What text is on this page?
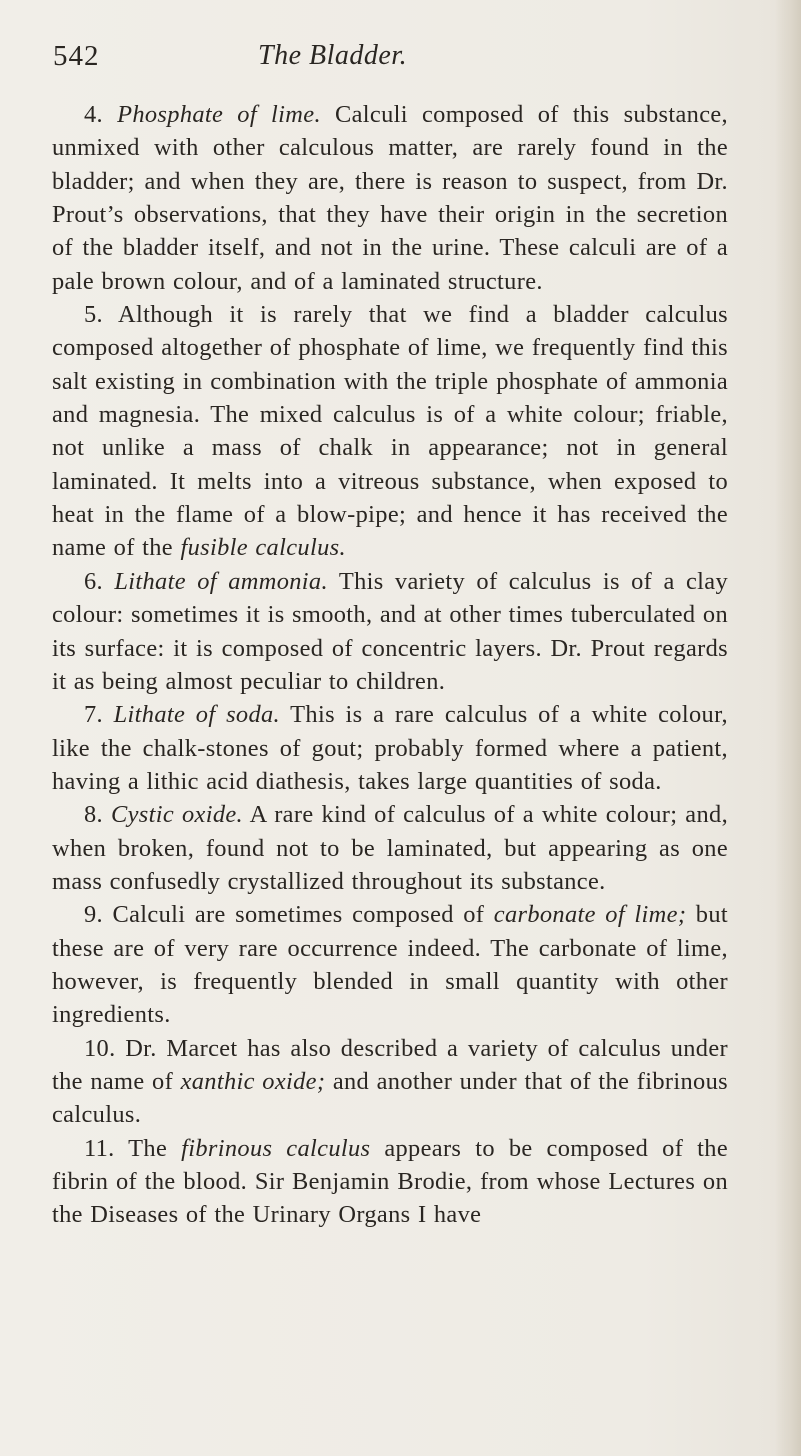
542	The Bladder.

4. Phosphate of lime. Calculi composed of this substance, unmixed with other calculous matter, are rarely found in the bladder; and when they are, there is reason to suspect, from Dr. Prout’s observations, that they have their origin in the secretion of the bladder itself, and not in the urine. These calculi are of a pale brown colour, and of a laminated structure.

5. Although it is rarely that we find a bladder calculus composed altogether of phosphate of lime, we frequently find this salt existing in combination with the triple phosphate of ammonia and magnesia. The mixed calculus is of a white colour; friable, not unlike a mass of chalk in appearance; not in general laminated. It melts into a vitreous substance, when exposed to heat in the flame of a blow-pipe; and hence it has received the name of the fusible calculus.

6. Lithate of ammonia. This variety of calculus is of a clay colour: sometimes it is smooth, and at other times tuberculated on its surface: it is composed of concentric layers. Dr. Prout regards it as being almost peculiar to children.

7. Lithate of soda. This is a rare calculus of a white colour, like the chalk-stones of gout; probably formed where a patient, having a lithic acid diathesis, takes large quantities of soda.

8. Cystic oxide. A rare kind of calculus of a white colour; and, when broken, found not to be laminated, but appearing as one mass confusedly crystallized throughout its substance.

9. Calculi are sometimes composed of carbonate of lime; but these are of very rare occurrence indeed. The carbonate of lime, however, is frequently blended in small quantity with other ingredients.

10. Dr. Marcet has also described a variety of calculus under the name of xanthic oxide; and another under that of the fibrinous calculus.

11. The fibrinous calculus appears to be composed of the fibrin of the blood. Sir Benjamin Brodie, from whose Lectures on the Diseases of the Urinary Organs I have
